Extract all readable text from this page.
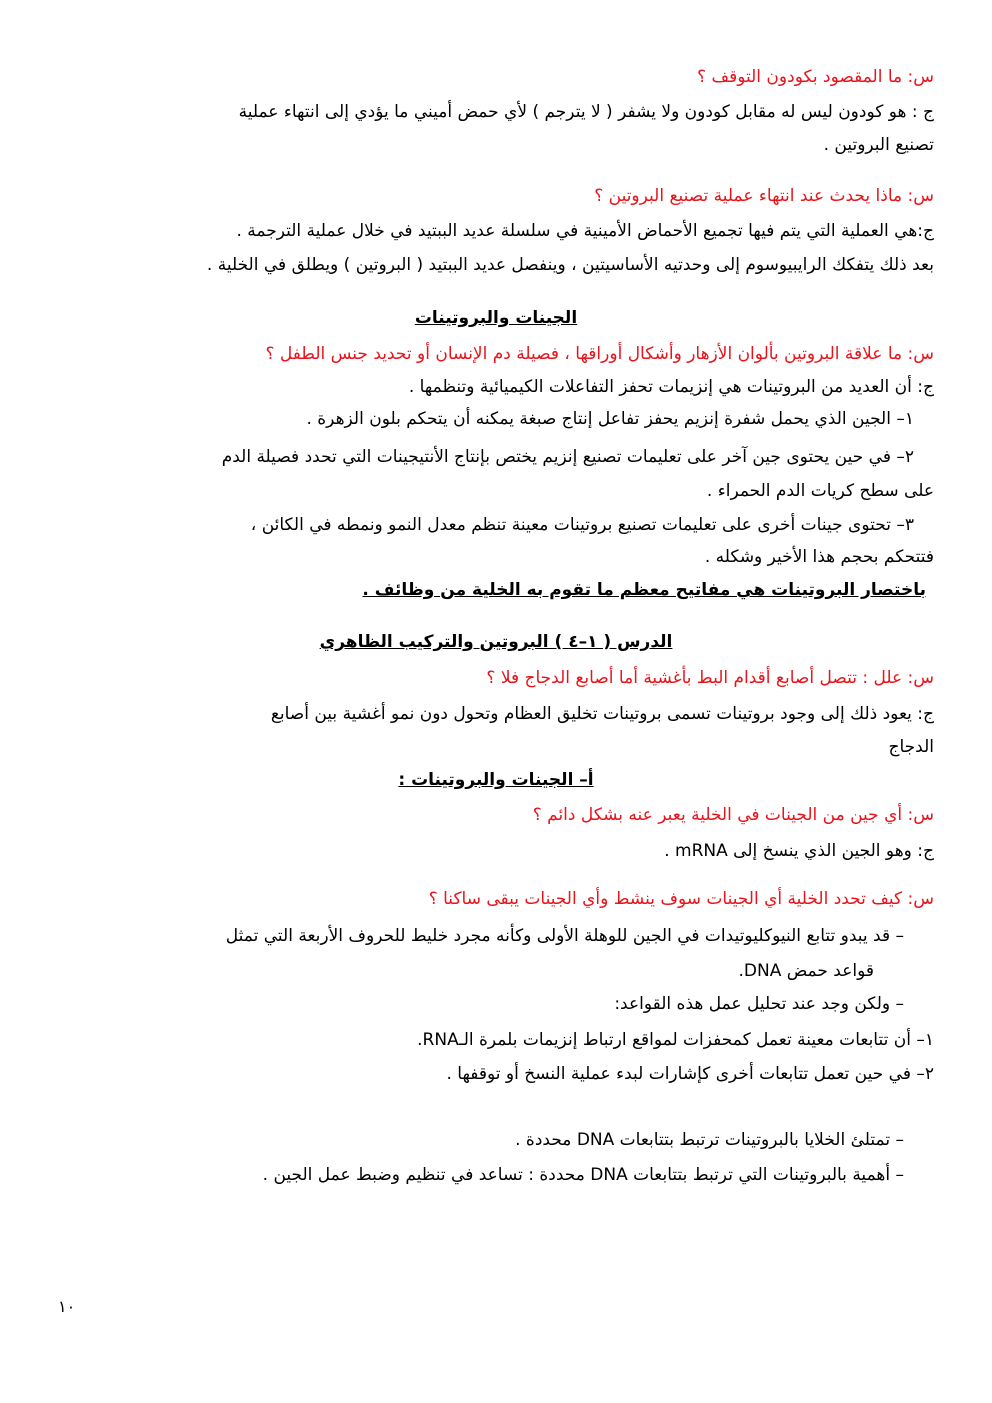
س: ما المقصود بكودون التوقف ؟
ج : هو كودون ليس له مقابل كودون ولا يشفر ( لا يترجم ) لأي حمض أميني ما يؤدي إلى انتهاء عملية
تصنيع البروتين .
س: ماذا يحدث عند انتهاء عملية تصنيع البروتين ؟
ج:هي العملية التي يتم فيها تجميع الأحماض الأمينية في سلسلة عديد الببتيد في خلال عملية الترجمة .
بعد ذلك يتفكك الرايبيوسوم إلى وحدتيه الأساسيتين ، وينفصل عديد الببتيد ( البروتين ) ويطلق في الخلية .
الجينات والبروتينات
س: ما علاقة البروتين بألوان الأزهار وأشكال أوراقها ، فصيلة دم الإنسان أو تحديد جنس الطفل ؟
ج: أن العديد من البروتينات هي إنزيمات تحفز التفاعلات الكيميائية وتنظمها .
١– الجين الذي يحمل شفرة إنزيم يحفز تفاعل إنتاج صبغة يمكنه أن يتحكم بلون الزهرة .
٢– في حين يحتوى جين آخر على تعليمات تصنيع إنزيم يختص بإنتاج الأنتيجينات التي تحدد فصيلة الدم
على سطح كريات الدم الحمراء .
٣– تحتوى جينات أخرى على تعليمات تصنيع بروتينات معينة تنظم معدل النمو ونمطه في الكائن ،
فتتحكم بحجم هذا الأخير وشكله .
باختصار البروتينات هي مفاتيح معظم ما تقوم به الخلية من وظائف .
الدرس ( ١–٤ ) البروتين والتركيب الظاهري
س: علل : تتصل أصابع أقدام البط بأغشية أما أصابع الدجاج فلا ؟
ج: يعود ذلك إلى وجود بروتينات تسمى بروتينات تخليق العظام وتحول دون نمو أغشية بين أصابع
الدجاج
أ– الجينات والبروتينات :
س: أي جين من الجينات في الخلية يعبر عنه بشكل دائم ؟
ج: وهو الجين الذي ينسخ إلى mRNA .
س: كيف تحدد الخلية أي الجينات سوف ينشط وأي الجينات يبقى ساكنا ؟
– قد يبدو تتابع النيوكليوتيدات في الجين للوهلة الأولى وكأنه مجرد خليط للحروف الأربعة التي تمثل
قواعد حمض DNA.
– ولكن وجد عند تحليل عمل هذه القواعد:
١– أن تتابعات معينة تعمل كمحفزات لمواقع ارتباط إنزيمات بلمرة الـRNA.
٢– في حين تعمل تتابعات أخرى كإشارات لبدء عملية النسخ أو توقفها .
– تمتلئ الخلايا بالبروتينات ترتبط بتتابعات DNA محددة .
– أهمية بالبروتينات التي ترتبط بتتابعات DNA محددة : تساعد في تنظيم وضبط عمل الجين .
١٠
